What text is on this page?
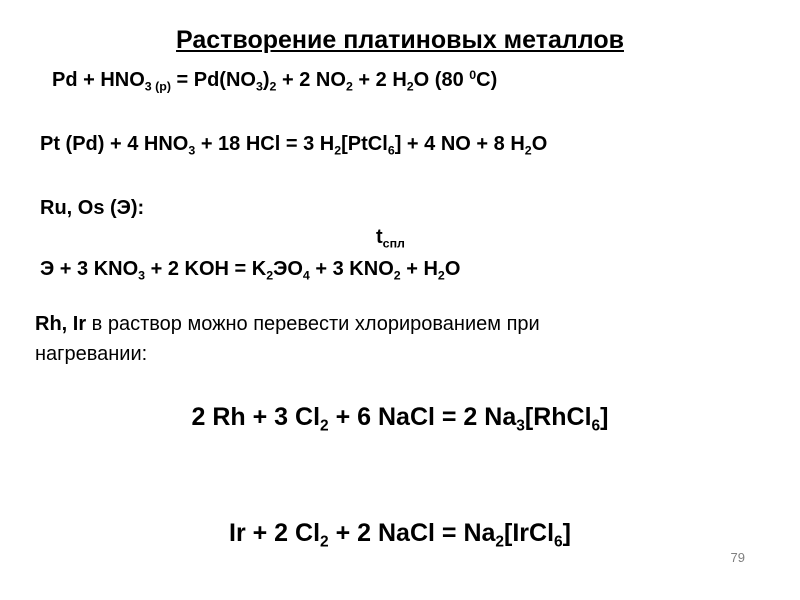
Растворение платиновых металлов
$Pd + HNO_{3 (р)} = Pd(NO_3)_2 + 2$ $NO_2 + 2$ $H_2O$ (80 $^0$C)
Pt (Pd) + 4 $HNO_3 + 18$ HCl = 3 $H_2[PtCl_6] + 4$ NO + 8 $H_2O$
Ru, Os (Э):
$t_{спл}$
Э + 3 $KNO_3 + 2$ KOH = $K_2ЭO_4 + 3$ $KNO_2 + H_2O$
Rh, Ir в раствор можно перевести хлорированием при
нагревании:
2 Rh + 3 $Cl_2 + 6$ NaCl = 2 $Na_3[RhCl_6]$
Ir + 2 $Cl_2 + 2$ NaCl = $Na_2[IrCl_6]$
79
